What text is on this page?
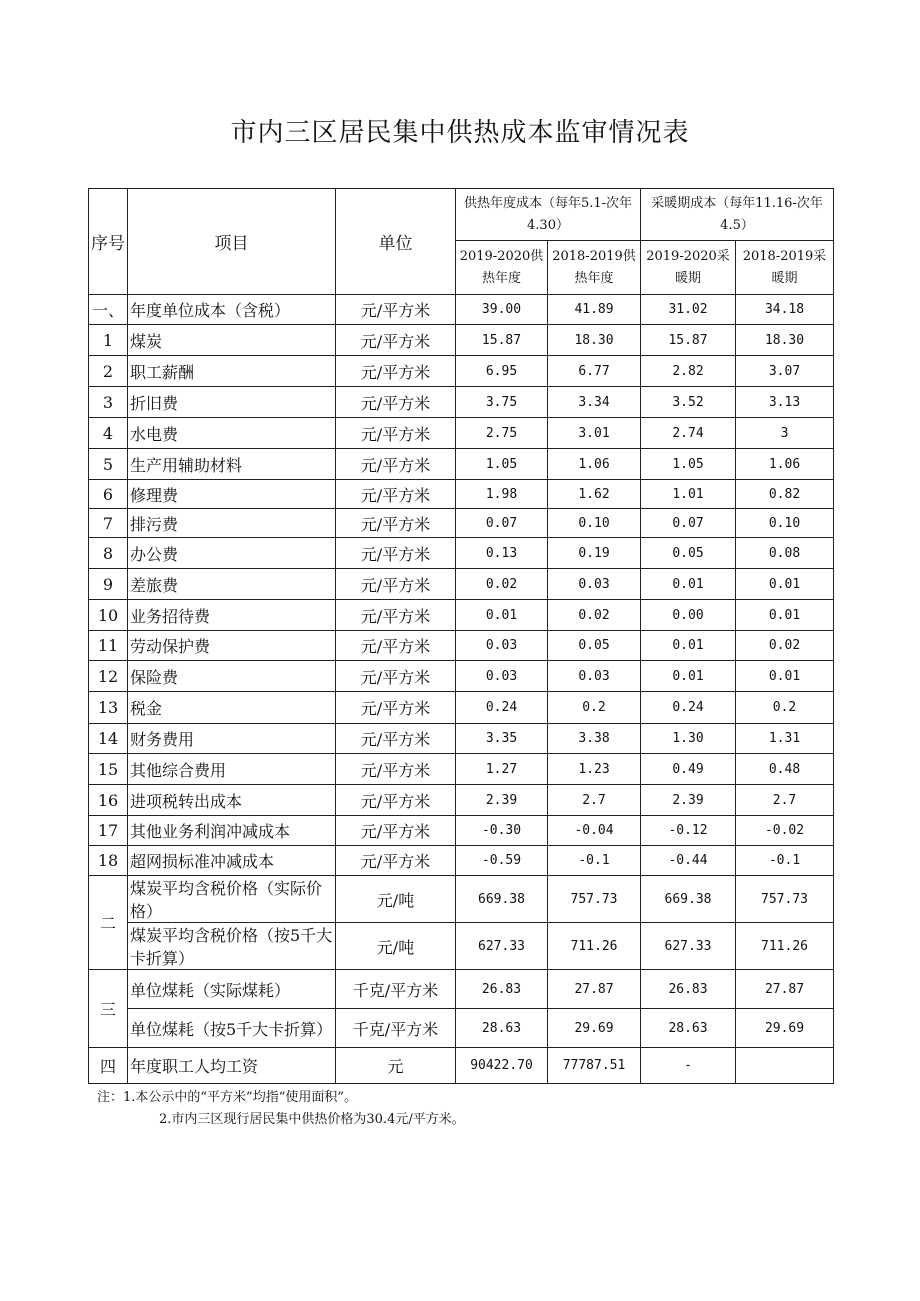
市内三区居民集中供热成本监审情况表
序号	项目	单位	供热年度成本（每年5.1-次年4.30）		采暖期成本（每年11.16-次年4.5）	
			2019-2020供热年度	2018-2019供热年度	2019-2020采暖期	2018-2019采暖期
一、	年度单位成本（含税）	元/平方米	39.00	41.89	31.02	34.18
1	煤炭	元/平方米	15.87	18.30	15.87	18.30
2	职工薪酬	元/平方米	6.95	6.77	2.82	3.07
3	折旧费	元/平方米	3.75	3.34	3.52	3.13
4	水电费	元/平方米	2.75	3.01	2.74	3
5	生产用辅助材料	元/平方米	1.05	1.06	1.05	1.06
6	修理费	元/平方米	1.98	1.62	1.01	0.82
7	排污费	元/平方米	0.07	0.10	0.07	0.10
8	办公费	元/平方米	0.13	0.19	0.05	0.08
9	差旅费	元/平方米	0.02	0.03	0.01	0.01
10	业务招待费	元/平方米	0.01	0.02	0.00	0.01
11	劳动保护费	元/平方米	0.03	0.05	0.01	0.02
12	保险费	元/平方米	0.03	0.03	0.01	0.01
13	税金	元/平方米	0.24	0.2	0.24	0.2
14	财务费用	元/平方米	3.35	3.38	1.30	1.31
15	其他综合费用	元/平方米	1.27	1.23	0.49	0.48
16	进项税转出成本	元/平方米	2.39	2.7	2.39	2.7
17	其他业务利润冲减成本	元/平方米	-0.30	-0.04	-0.12	-0.02
18	超网损标准冲减成本	元/平方米	-0.59	-0.1	-0.44	-0.1
二	煤炭平均含税价格（实际价格）	元/吨	669.38	757.73	669.38	757.73
	煤炭平均含税价格（按5千大卡折算）	元/吨	627.33	711.26	627.33	711.26
三	单位煤耗（实际煤耗）	千克/平方米	26.83	27.87	26.83	27.87
	单位煤耗（按5千大卡折算）	千克/平方米	28.63	29.69	28.63	29.69
四	年度职工人均工资	元	90422.70	77787.51	-	
注：1.本公示中的“平方米”均指“使用面积”。
2.市内三区现行居民集中供热价格为30.4元/平方米。
